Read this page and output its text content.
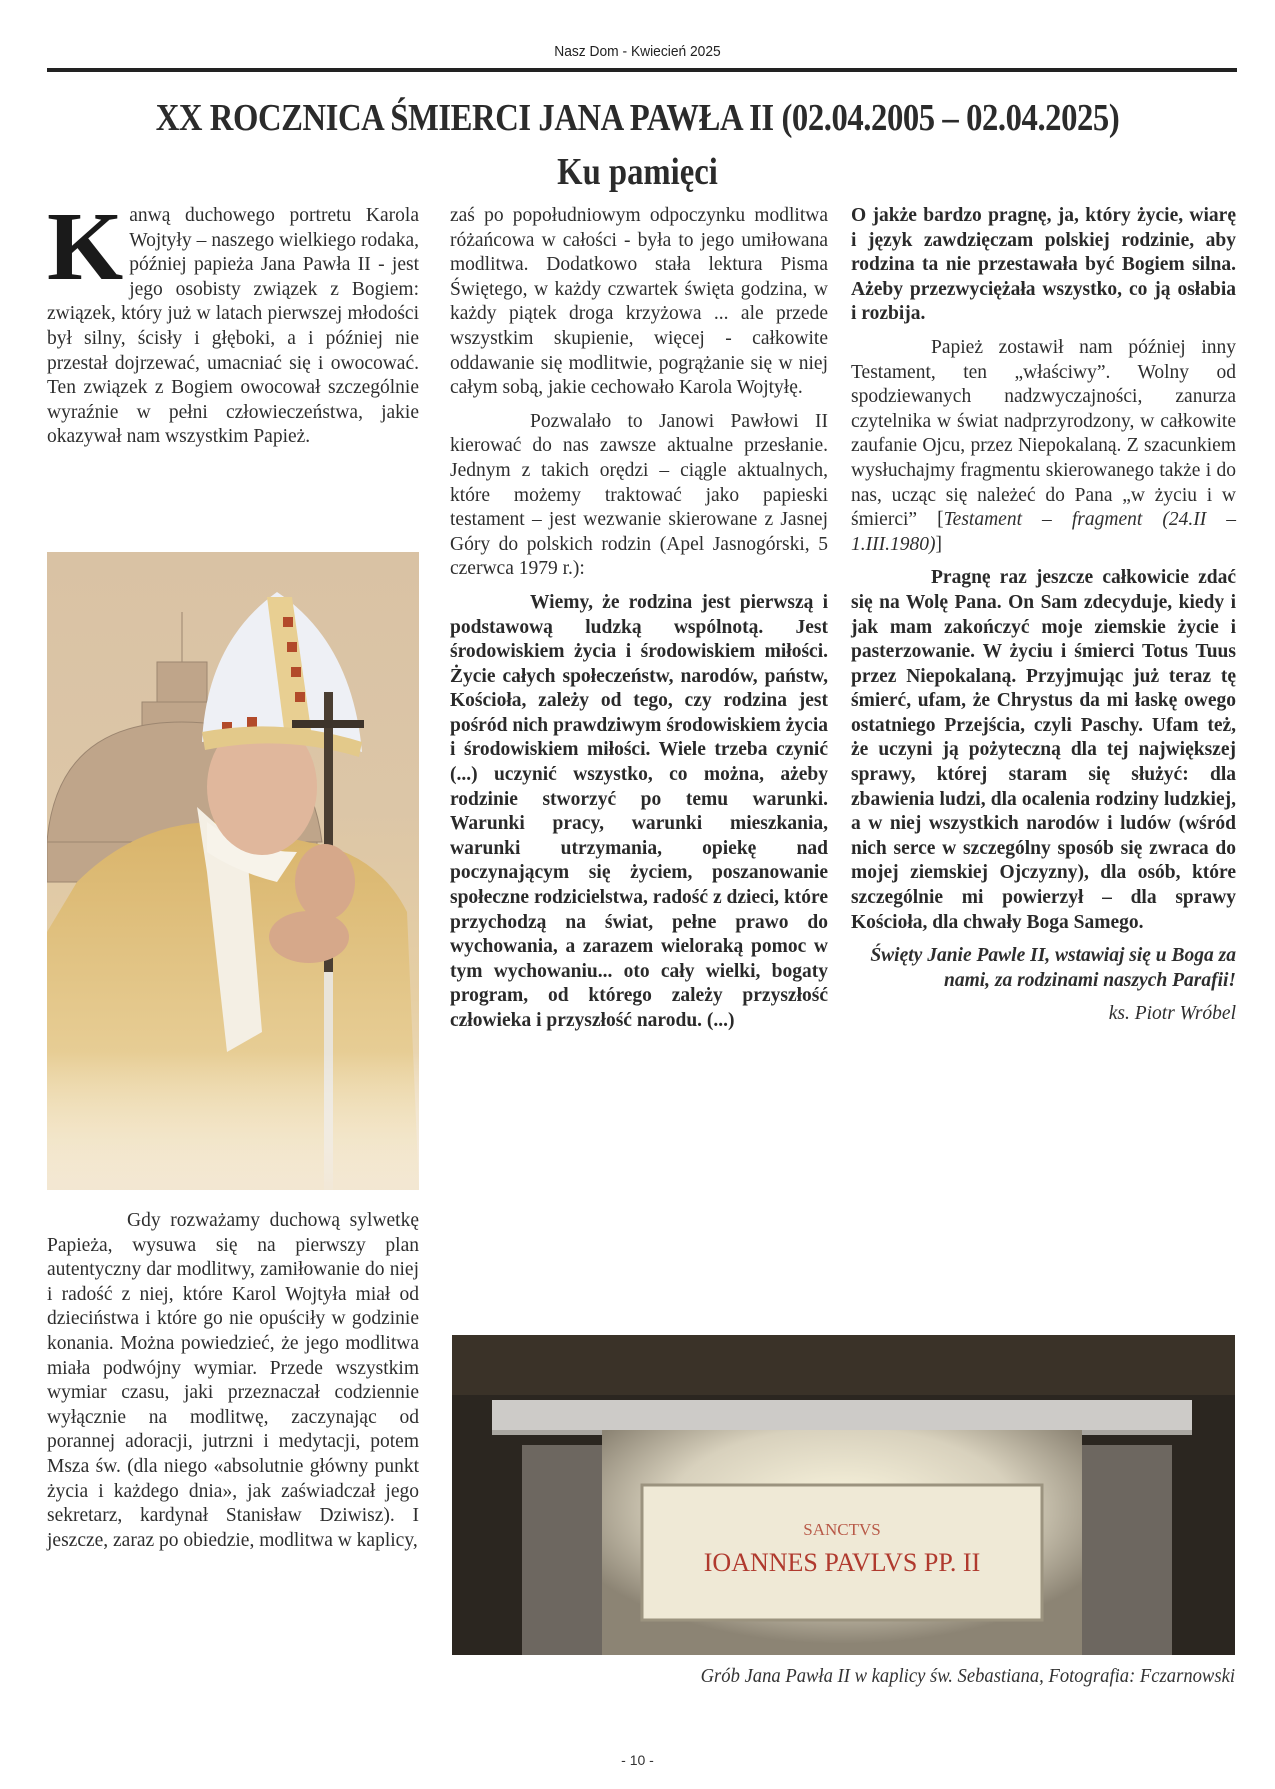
Nasz Dom - Kwiecień 2025
XX ROCZNICA ŚMIERCI JANA PAWŁA II (02.04.2005 – 02.04.2025)
Ku pamięci

Kanwą duchowego portretu Karola Wojtyły – naszego wielkiego rodaka, później papieża Jana Pawła II - jest jego osobisty związek z Bogiem: związek, który już w latach pierwszej młodości był silny, ścisły i głęboki, a i później nie przestał dojrzewać, umacniać się i owocować. Ten związek z Bogiem owocował szczególnie wyraźnie w pełni człowieczeństwa, jakie okazywał nam wszystkim Papież.

Gdy rozważamy duchową sylwetkę Papieża, wysuwa się na pierwszy plan autentyczny dar modlitwy, zamiłowanie do niej i radość z niej, które Karol Wojtyła miał od dzieciństwa i które go nie opuściły w godzinie konania. Można powiedzieć, że jego modlitwa miała podwójny wymiar. Przede wszystkim wymiar czasu, jaki przeznaczał codziennie wyłącznie na modlitwę, zaczynając od porannej adoracji, jutrzni i medytacji, potem Msza św. (dla niego «absolutnie główny punkt życia i każdego dnia», jak zaświadczał jego sekretarz, kardynał Stanisław Dziwisz). I jeszcze, zaraz po obiedzie, modlitwa w kaplicy,

zaś po popołudniowym odpoczynku modlitwa różańcowa w całości - była to jego umiłowana modlitwa. Dodatkowo stała lektura Pisma Świętego, w każdy czwartek święta godzina, w każdy piątek droga krzyżowa ... ale przede wszystkim skupienie, więcej - całkowite oddawanie się modlitwie, pogrążanie się w niej całym sobą, jakie cechowało Karola Wojtyłę.

Pozwalało to Janowi Pawłowi II kierować do nas zawsze aktualne przesłanie. Jednym z takich orędzi – ciągle aktualnych, które możemy traktować jako papieski testament – jest wezwanie skierowane z Jasnej Góry do polskich rodzin (Apel Jasnogórski, 5 czerwca 1979 r.):

Wiemy, że rodzina jest pierwszą i podstawową ludzką wspólnotą. Jest środowiskiem życia i środowiskiem miłości. Życie całych społeczeństw, narodów, państw, Kościoła, zależy od tego, czy rodzina jest pośród nich prawdziwym środowiskiem życia i środowiskiem miłości. Wiele trzeba czynić (...) uczynić wszystko, co można, ażeby rodzinie stworzyć po temu warunki. Warunki pracy, warunki mieszkania, warunki utrzymania, opiekę nad poczynającym się życiem, poszanowanie społeczne rodzicielstwa, radość z dzieci, które przychodzą na świat, pełne prawo do wychowania, a zarazem wieloraką pomoc w tym wychowaniu... oto cały wielki, bogaty program, od którego zależy przyszłość człowieka i przyszłość narodu. (...)

O jakże bardzo pragnę, ja, który życie, wiarę i język zawdzięczam polskiej rodzinie, aby rodzina ta nie przestawała być Bogiem silna. Ażeby przezwyciężała wszystko, co ją osłabia i rozbija.

Papież zostawił nam później inny Testament, ten „właściwy”. Wolny od spodziewanych nadzwyczajności, zanurza czytelnika w świat nadprzyrodzony, w całkowite zaufanie Ojcu, przez Niepokalaną. Z szacunkiem wysłuchajmy fragmentu skierowanego także i do nas, ucząc się należeć do Pana „w życiu i w śmierci” [Testament – fragment (24.II – 1.III.1980)]

Pragnę raz jeszcze całkowicie zdać się na Wolę Pana. On Sam zdecyduje, kiedy i jak mam zakończyć moje ziemskie życie i pasterzowanie. W życiu i śmierci Totus Tuus przez Niepokalaną. Przyjmując już teraz tę śmierć, ufam, że Chrystus da mi łaskę owego ostatniego Przejścia, czyli Paschy. Ufam też, że uczyni ją pożyteczną dla tej największej sprawy, której staram się służyć: dla zbawienia ludzi, dla ocalenia rodziny ludzkiej, a w niej wszystkich narodów i ludów (wśród nich serce w szczególny sposób się zwraca do mojej ziemskiej Ojczyzny), dla osób, które szczególnie mi powierzył – dla sprawy Kościoła, dla chwały Boga Samego.

Święty Janie Pawle II, wstawiaj się u Boga za nami, za rodzinami naszych Parafii!

ks. Piotr Wróbel

SANCTVS
IOANNES PAVLVS PP. II
Grób Jana Pawła II w kaplicy św. Sebastiana, Fotografia: Fczarnowski
- 10 -
